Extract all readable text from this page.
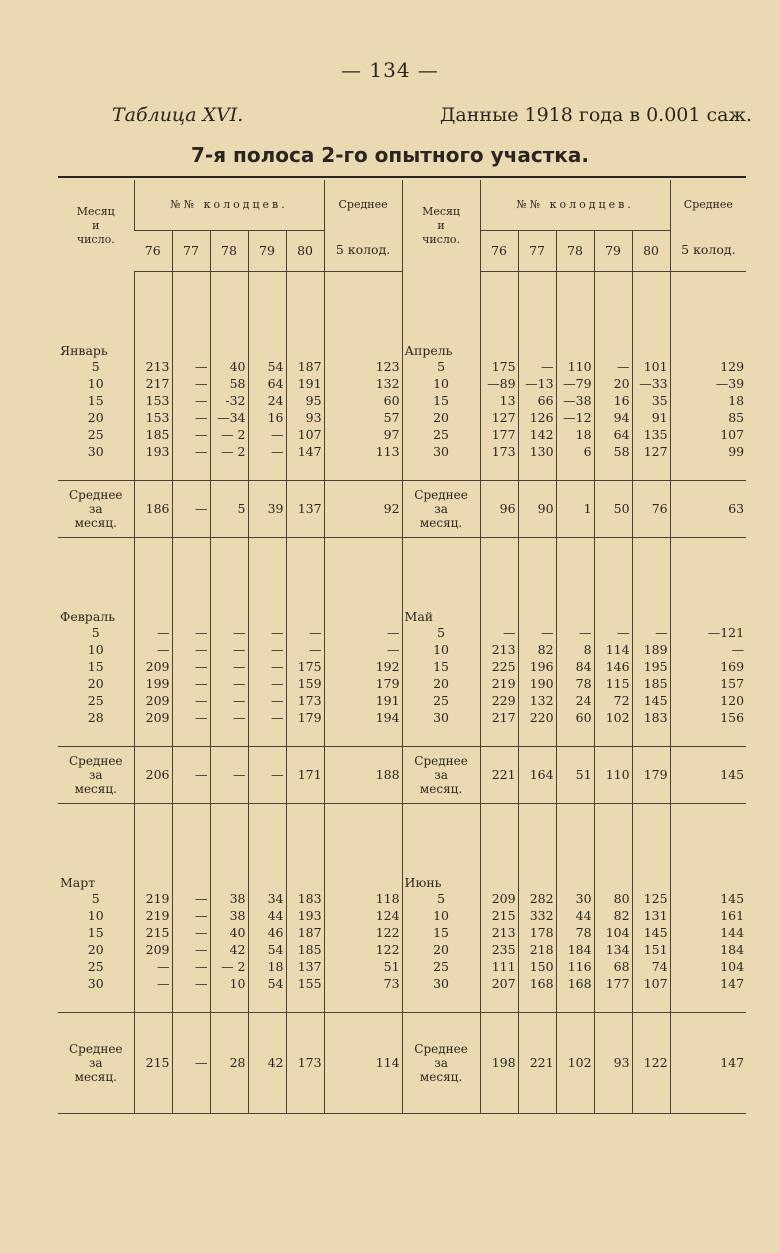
— 134 —
Таблица XVI.	Данные 1918 года в 0.001 саж.
7-я полоса 2-го опытного участка.
Месяц
и
число.	№№ колодцев.					Среднее	Месяц
и
число.	№№ колодцев.					Среднее
	76	77	78	79	80	5 колод.		76	77	78	79	80	5 колод.

Январь							Апрель						
5	213	—	40	54	187	123	5	175	—	110	—	101	129
10	217	—	58	64	191	132	10	—89	—13	—79	20	—33	—39
15	153	—	-32	24	95	60	15	13	66	—38	16	35	18
20	153	—	—34	16	93	57	20	127	126	—12	94	91	85
25	185	—	— 2	—	107	97	25	177	142	18	64	135	107
30	193	—	— 2	—	147	113	30	173	130	6	58	127	99

Среднее
за
месяц.	186	—	5	39	137	92	Среднее
за
месяц.	96	90	1	50	76	63

Февраль							Май						
5	—	—	—	—	—	—	5	—	—	—	—	—	—121
10	—	—	—	—	—	—	10	213	82	8	114	189	—
15	209	—	—	—	175	192	15	225	196	84	146	195	169
20	199	—	—	—	159	179	20	219	190	78	115	185	157
25	209	—	—	—	173	191	25	229	132	24	72	145	120
28	209	—	—	—	179	194	30	217	220	60	102	183	156

Среднее
за
месяц.	206	—	—	—	171	188	Среднее
за
месяц.	221	164	51	110	179	145

Март							Июнь						
5	219	—	38	34	183	118	5	209	282	30	80	125	145
10	219	—	38	44	193	124	10	215	332	44	82	131	161
15	215	—	40	46	187	122	15	213	178	78	104	145	144
20	209	—	42	54	185	122	20	235	218	184	134	151	184
25	—	—	— 2	18	137	51	25	111	150	116	68	74	104
30	—	—	10	54	155	73	30	207	168	168	177	107	147

Среднее
за
месяц.	215	—	28	42	173	114	Среднее
за
месяц.	198	221	102	93	122	147
